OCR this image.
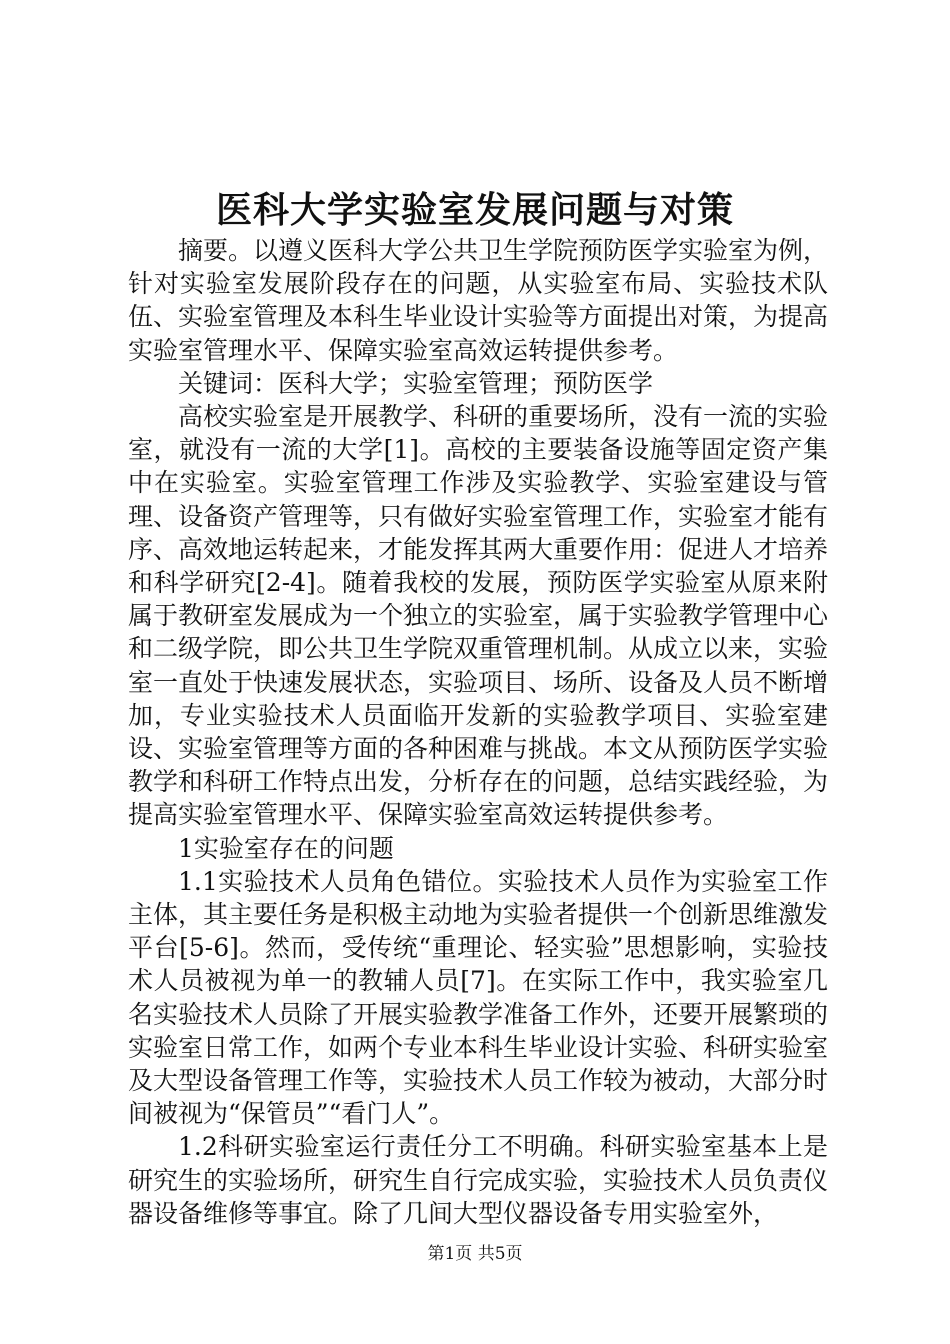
医科大学实验室发展问题与对策

摘要。以遵义医科大学公共卫生学院预防医学实验室为例，针对实验室发展阶段存在的问题，从实验室布局、实验技术队伍、实验室管理及本科生毕业设计实验等方面提出对策，为提高实验室管理水平、保障实验室高效运转提供参考。

关键词：医科大学；实验室管理；预防医学

高校实验室是开展教学、科研的重要场所，没有一流的实验室，就没有一流的大学[1]。高校的主要装备设施等固定资产集中在实验室。实验室管理工作涉及实验教学、实验室建设与管理、设备资产管理等，只有做好实验室管理工作，实验室才能有序、高效地运转起来，才能发挥其两大重要作用：促进人才培养和科学研究[2-4]。随着我校的发展，预防医学实验室从原来附属于教研室发展成为一个独立的实验室，属于实验教学管理中心和二级学院，即公共卫生学院双重管理机制。从成立以来，实验室一直处于快速发展状态，实验项目、场所、设备及人员不断增加，专业实验技术人员面临开发新的实验教学项目、实验室建设、实验室管理等方面的各种困难与挑战。本文从预防医学实验教学和科研工作特点出发，分析存在的问题，总结实践经验，为提高实验室管理水平、保障实验室高效运转提供参考。

1实验室存在的问题

1.1实验技术人员角色错位。实验技术人员作为实验室工作主体，其主要任务是积极主动地为实验者提供一个创新思维激发平台[5-6]。然而，受传统“重理论、轻实验”思想影响，实验技术人员被视为单一的教辅人员[7]。在实际工作中，我实验室几名实验技术人员除了开展实验教学准备工作外，还要开展繁琐的实验室日常工作，如两个专业本科生毕业设计实验、科研实验室及大型设备管理工作等，实验技术人员工作较为被动，大部分时间被视为“保管员”“看门人”。

1.2科研实验室运行责任分工不明确。科研实验室基本上是研究生的实验场所，研究生自行完成实验，实验技术人员负责仪器设备维修等事宜。除了几间大型仪器设备专用实验室外，

第1页 共5页
